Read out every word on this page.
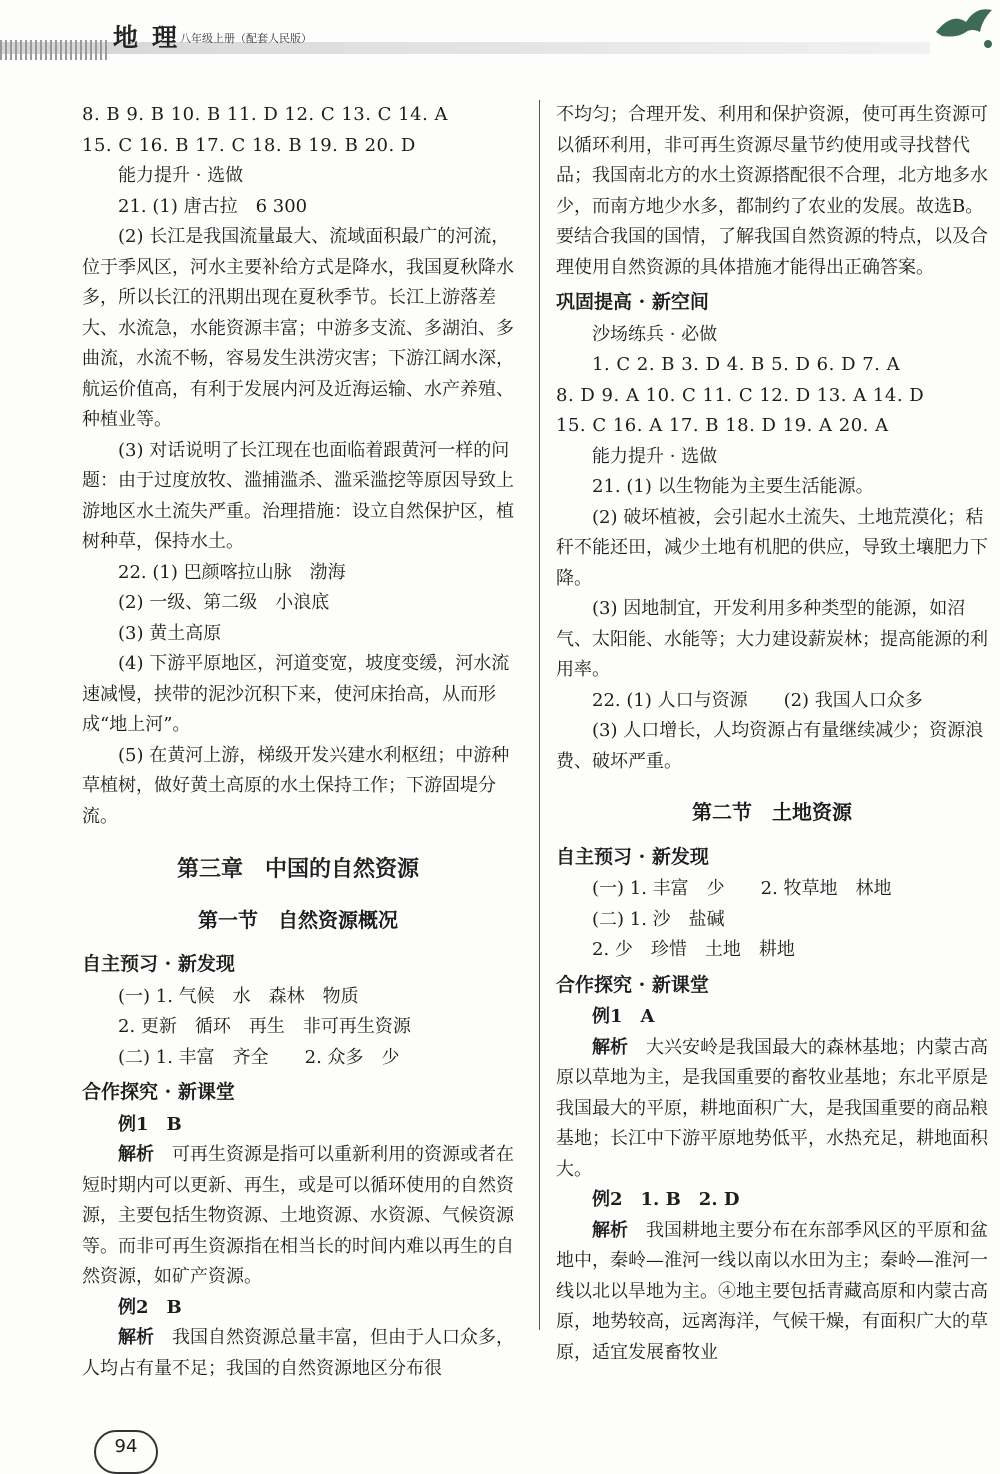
地理
八年级上册（配套人民版）

8. B 9. B 10. B 11. D 12. C 13. C 14. A

15. C 16. B 17. C 18. B 19. B 20. D

能力提升 · 选做

21. (1) 唐古拉　6 300

(2) 长江是我国流量最大、流域面积最广的河流，位于季风区，河水主要补给方式是降水，我国夏秋降水多，所以长江的汛期出现在夏秋季节。长江上游落差大、水流急，水能资源丰富；中游多支流、多湖泊、多曲流，水流不畅，容易发生洪涝灾害；下游江阔水深，航运价值高，有利于发展内河及近海运输、水产养殖、种植业等。

(3) 对话说明了长江现在也面临着跟黄河一样的问题：由于过度放牧、滥捕滥杀、滥采滥挖等原因导致上游地区水土流失严重。治理措施：设立自然保护区，植树种草，保持水土。

22. (1) 巴颜喀拉山脉　渤海

(2) 一级、第二级　小浪底

(3) 黄土高原

(4) 下游平原地区，河道变宽，坡度变缓，河水流速减慢，挟带的泥沙沉积下来，使河床抬高，从而形成“地上河”。

(5) 在黄河上游，梯级开发兴建水利枢纽；中游种草植树，做好黄土高原的水土保持工作；下游固堤分流。

第三章　中国的自然资源

第一节　自然资源概况

自主预习 · 新发现

(一) 1. 气候　水　森林　物质

2. 更新　循环　再生　非可再生资源

(二) 1. 丰富　齐全　　2. 众多　少

合作探究 · 新课堂

例1　B

解析　 可再生资源是指可以重新利用的资源或者在短时期内可以更新、再生，或是可以循环使用的自然资源，主要包括生物资源、土地资源、水资源、气候资源等。而非可再生资源指在相当长的时间内难以再生的自然资源，如矿产资源。

例2　B

解析　 我国自然资源总量丰富，但由于人口众多，人均占有量不足；我国的自然资源地区分布很

不均匀；合理开发、利用和保护资源，使可再生资源可以循环利用，非可再生资源尽量节约使用或寻找替代品；我国南北方的水土资源搭配很不合理，北方地多水少，而南方地少水多，都制约了农业的发展。故选B。要结合我国的国情，了解我国自然资源的特点，以及合理使用自然资源的具体措施才能得出正确答案。

巩固提高 · 新空间

沙场练兵 · 必做

1. C 2. B 3. D 4. B 5. D 6. D 7. A

8. D 9. A 10. C 11. C 12. D 13. A 14. D

15. C 16. A 17. B 18. D 19. A 20. A

能力提升 · 选做

21. (1) 以生物能为主要生活能源。

(2) 破坏植被，会引起水土流失、土地荒漠化；秸秆不能还田，减少土地有机肥的供应，导致土壤肥力下降。

(3) 因地制宜，开发利用多种类型的能源，如沼气、太阳能、水能等；大力建设薪炭林；提高能源的利用率。

22. (1) 人口与资源　　(2) 我国人口众多

(3) 人口增长，人均资源占有量继续减少；资源浪费、破坏严重。

第二节　土地资源

自主预习 · 新发现

(一) 1. 丰富　少　　2. 牧草地　林地

(二) 1. 沙　盐碱

2. 少　珍惜　土地　耕地

合作探究 · 新课堂

例1　A

解析　 大兴安岭是我国最大的森林基地；内蒙古高原以草地为主，是我国重要的畜牧业基地；东北平原是我国最大的平原，耕地面积广大，是我国重要的商品粮基地；长江中下游平原地势低平，水热充足，耕地面积大。

例2　1. B　2. D

解析　 我国耕地主要分布在东部季风区的平原和盆地中，秦岭—淮河一线以南以水田为主；秦岭—淮河一线以北以旱地为主。④地主要包括青藏高原和内蒙古高原，地势较高，远离海洋，气候干燥，有面积广大的草原，适宜发展畜牧业

94
